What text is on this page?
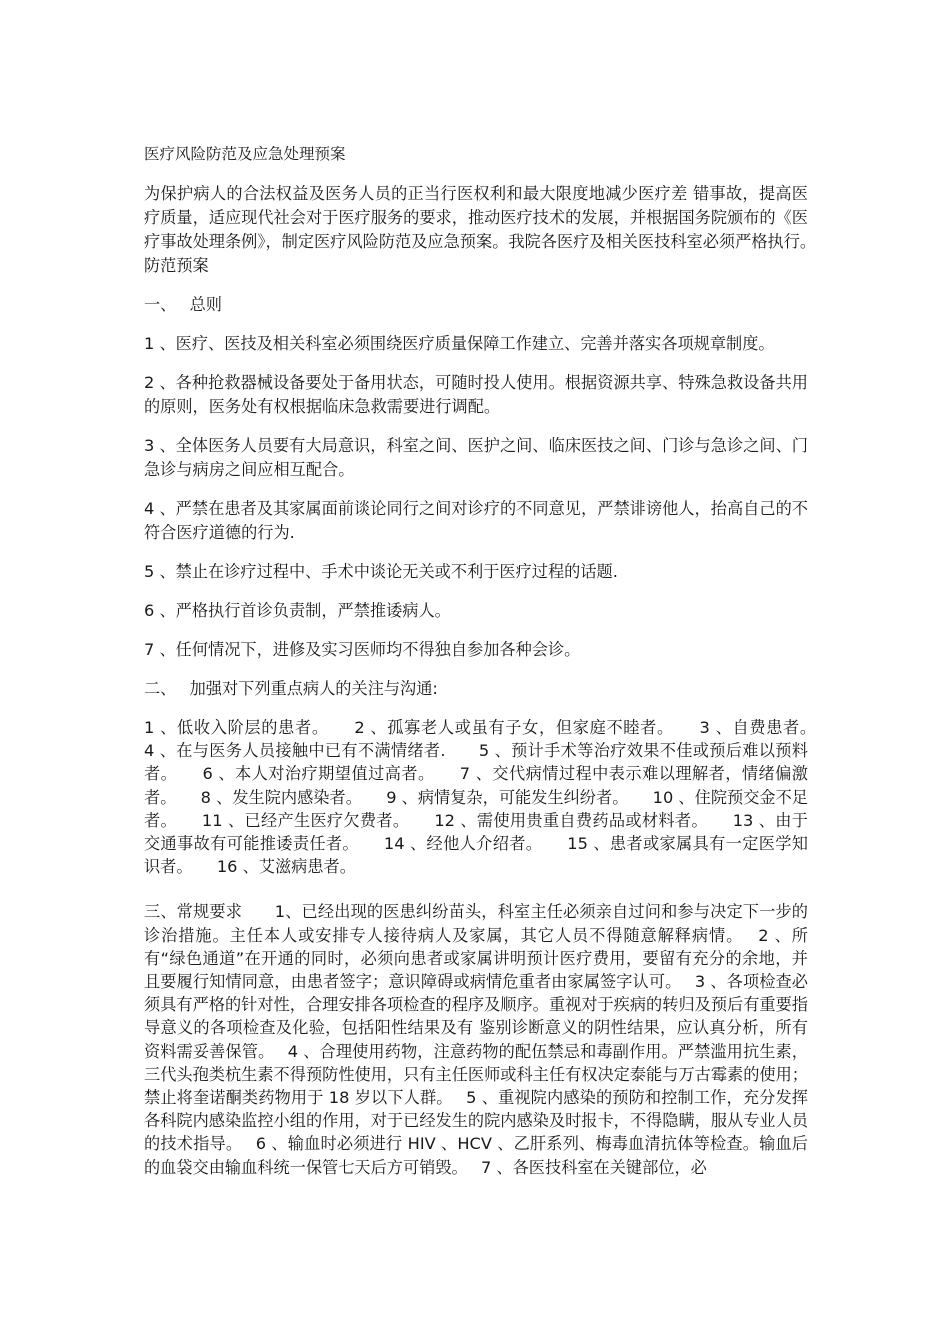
医疗风险防范及应急处理预案

为保护病人的合法权益及医务人员的正当行医权利和最大限度地减少医疗差 错事故，提高医疗质量，适应现代社会对于医疗服务的要求，推动医疗技术的发展，并根据国务院颁布的《医疗事故处理条例》，制定医疗风险防范及应急预案。我院各医疗及相关医技科室必须严格执行。　 防范预案

一、　 总则

1 、医疗、医技及相关科室必须围绕医疗质量保障工作建立、完善并落实各项规章制度。

2 、各种抢救器械设备要处于备用状态，可随时投人使用。根据资源共享、特殊急救设备共用的原则，医务处有权根据临床急救需要进行调配。

3 、全体医务人员要有大局意识，科室之间、医护之间、临床医技之间、门诊与急诊之间、门急诊与病房之间应相互配合。

4 、严禁在患者及其家属面前谈论同行之间对诊疗的不同意见，严禁诽谤他人，抬高自己的不符合医疗道德的行为.

5 、禁止在诊疗过程中、手术中谈论无关或不利于医疗过程的话题.

6 、严格执行首诊负责制，严禁推诿病人。

7 、任何情况下，进修及实习医师均不得独自参加各种会诊。

二、　 加强对下列重点病人的关注与沟通:

1 、低收入阶层的患者。　　2 、孤寡老人或虽有子女，但家庭不睦者。　　3 、自费患者。　　4 、在与医务人员接触中已有不满情绪者.　　5 、预计手术等治疗效果不佳或预后难以预料者。　　6 、本人对治疗期望值过高者。　　7 、交代病情过程中表示难以理解者，情绪偏激者。　　8 、发生院内感染者。　　9 、病情复杂，可能发生纠纷者。　　10 、住院预交金不足者。　　11 、已经产生医疗欠费者。　　12 、需使用贵重自费药品或材料者。　　13 、由于交通事故有可能推诿责任者。　　14 、经他人介绍者。　　15 、患者或家属具有一定医学知识者。　　16 、艾滋病患者。

三、常规要求　　1、已经出现的医患纠纷苗头，科室主任必须亲自过问和参与决定下一步的诊治措施。主任本人或安排专人接待病人及家属，其它人员不得随意解释病情。　 2 、所有“绿色通道”在开通的同时，必须向患者或家属讲明预计医疗费用，要留有充分的余地，并且要履行知情同意，由患者签字；意识障碍或病情危重者由家属签字认可。　 3 、各项检查必须具有严格的针对性，合理安排各项检查的程序及顺序。重视对于疾病的转归及预后有重要指导意义的各项检查及化验，包括阳性结果及有 鉴别诊断意义的阴性结果，应认真分析，所有资料需妥善保管。　 4 、合理使用药物，注意药物的配伍禁忌和毒副作用。严禁滥用抗生素，三代头孢类杭生素不得预防性使用，只有主任医师或科主任有权决定泰能与万古霉素的使用；禁止将奎诺酮类药物用于 18 岁以下人群。　 5 、重视院内感染的预防和控制工作，充分发挥各科院内感染监控小组的作用，对于已经发生的院内感染及时报卡，不得隐瞒，服从专业人员的技术指导。　 6 、输血时必须进行 HIV 、HCV 、乙肝系列、梅毒血清抗体等检查。输血后的血袋交由输血科统一保管七天后方可销毁。　 7 、各医技科室在关键部位，必
